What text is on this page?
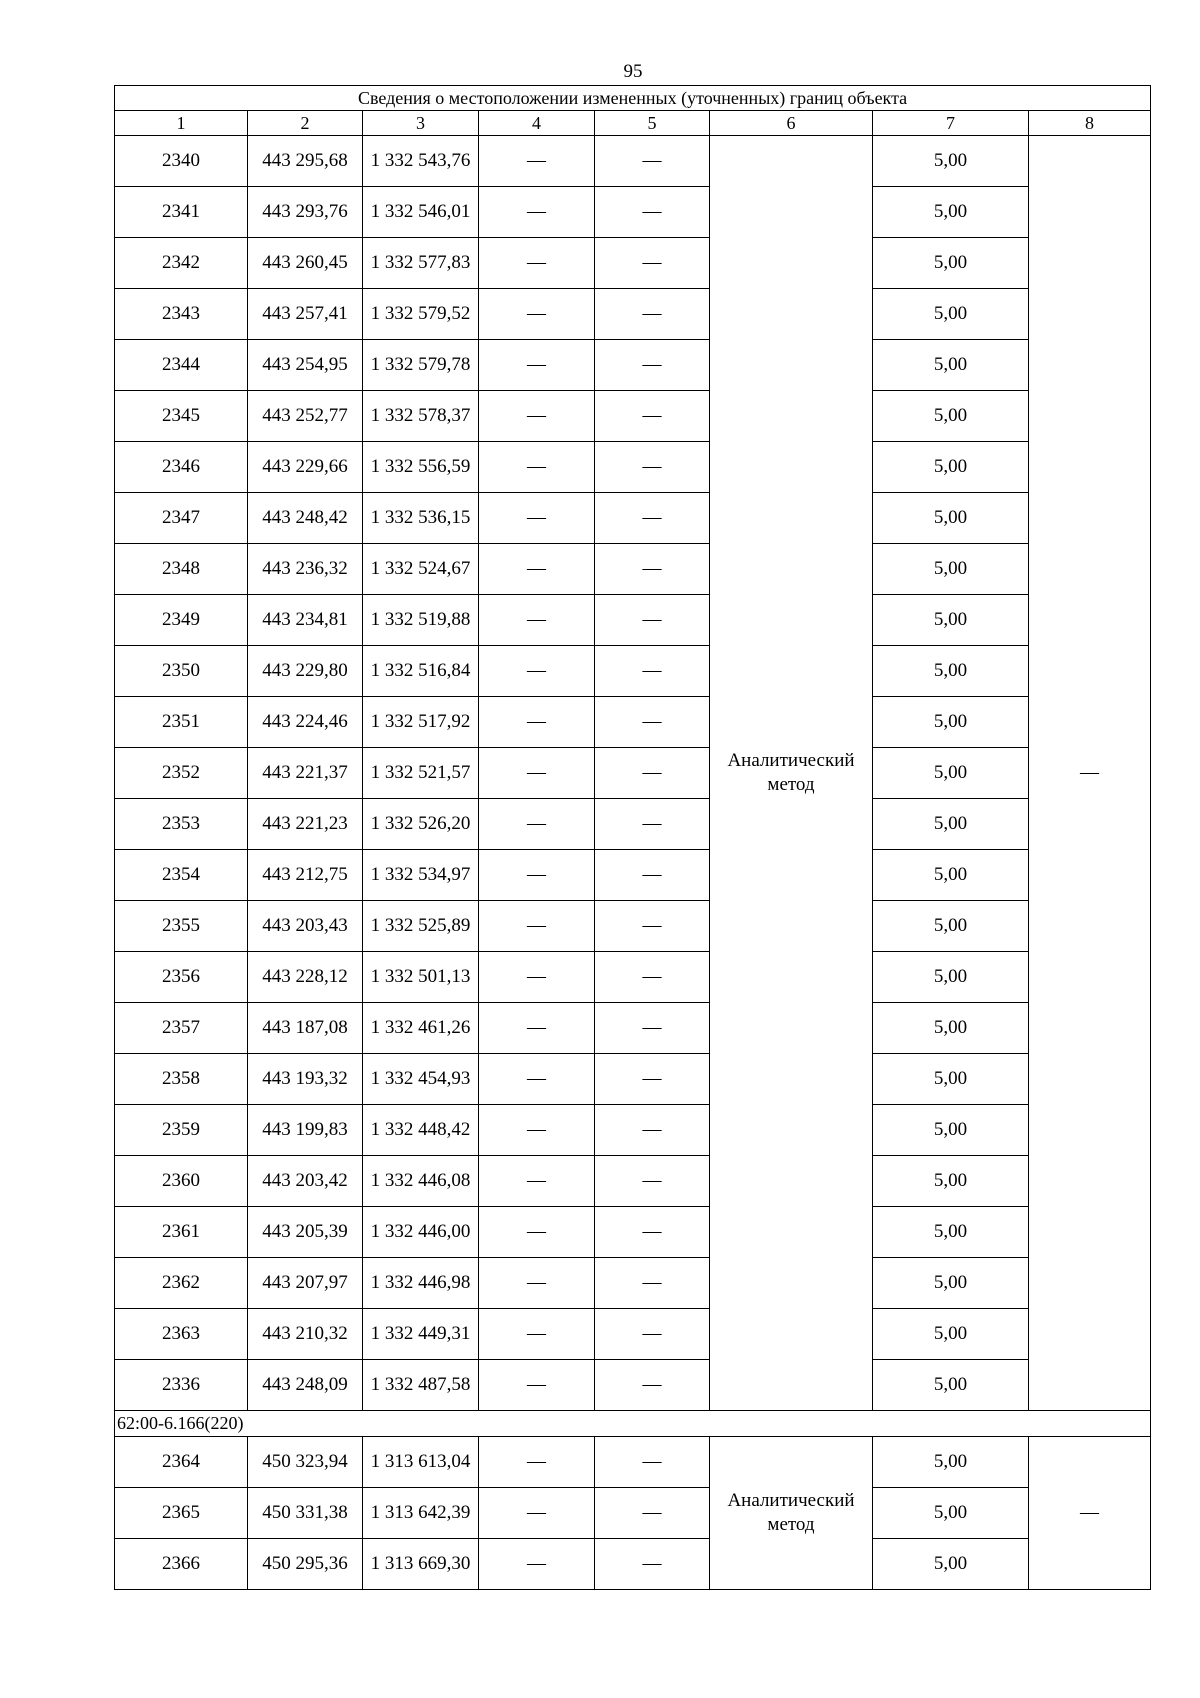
95
Сведения о местоположении измененных (уточненных) границ объекта							
1	2	3	4	5	6	7	8
2340	443 295,68	1 332 543,76	—	—	Аналитический метод	5,00	—
2341	443 293,76	1 332 546,01	—	—		5,00	
2342	443 260,45	1 332 577,83	—	—		5,00	
2343	443 257,41	1 332 579,52	—	—		5,00	
2344	443 254,95	1 332 579,78	—	—		5,00	
2345	443 252,77	1 332 578,37	—	—		5,00	
2346	443 229,66	1 332 556,59	—	—		5,00	
2347	443 248,42	1 332 536,15	—	—		5,00	
2348	443 236,32	1 332 524,67	—	—		5,00	
2349	443 234,81	1 332 519,88	—	—		5,00	
2350	443 229,80	1 332 516,84	—	—		5,00	
2351	443 224,46	1 332 517,92	—	—		5,00	
2352	443 221,37	1 332 521,57	—	—		5,00	
2353	443 221,23	1 332 526,20	—	—		5,00	
2354	443 212,75	1 332 534,97	—	—		5,00	
2355	443 203,43	1 332 525,89	—	—		5,00	
2356	443 228,12	1 332 501,13	—	—		5,00	
2357	443 187,08	1 332 461,26	—	—		5,00	
2358	443 193,32	1 332 454,93	—	—		5,00	
2359	443 199,83	1 332 448,42	—	—		5,00	
2360	443 203,42	1 332 446,08	—	—		5,00	
2361	443 205,39	1 332 446,00	—	—		5,00	
2362	443 207,97	1 332 446,98	—	—		5,00	
2363	443 210,32	1 332 449,31	—	—		5,00	
2336	443 248,09	1 332 487,58	—	—		5,00	
62:00-6.166(220)							
2364	450 323,94	1 313 613,04	—	—	Аналитический метод	5,00	—
2365	450 331,38	1 313 642,39	—	—		5,00	
2366	450 295,36	1 313 669,30	—	—		5,00	
